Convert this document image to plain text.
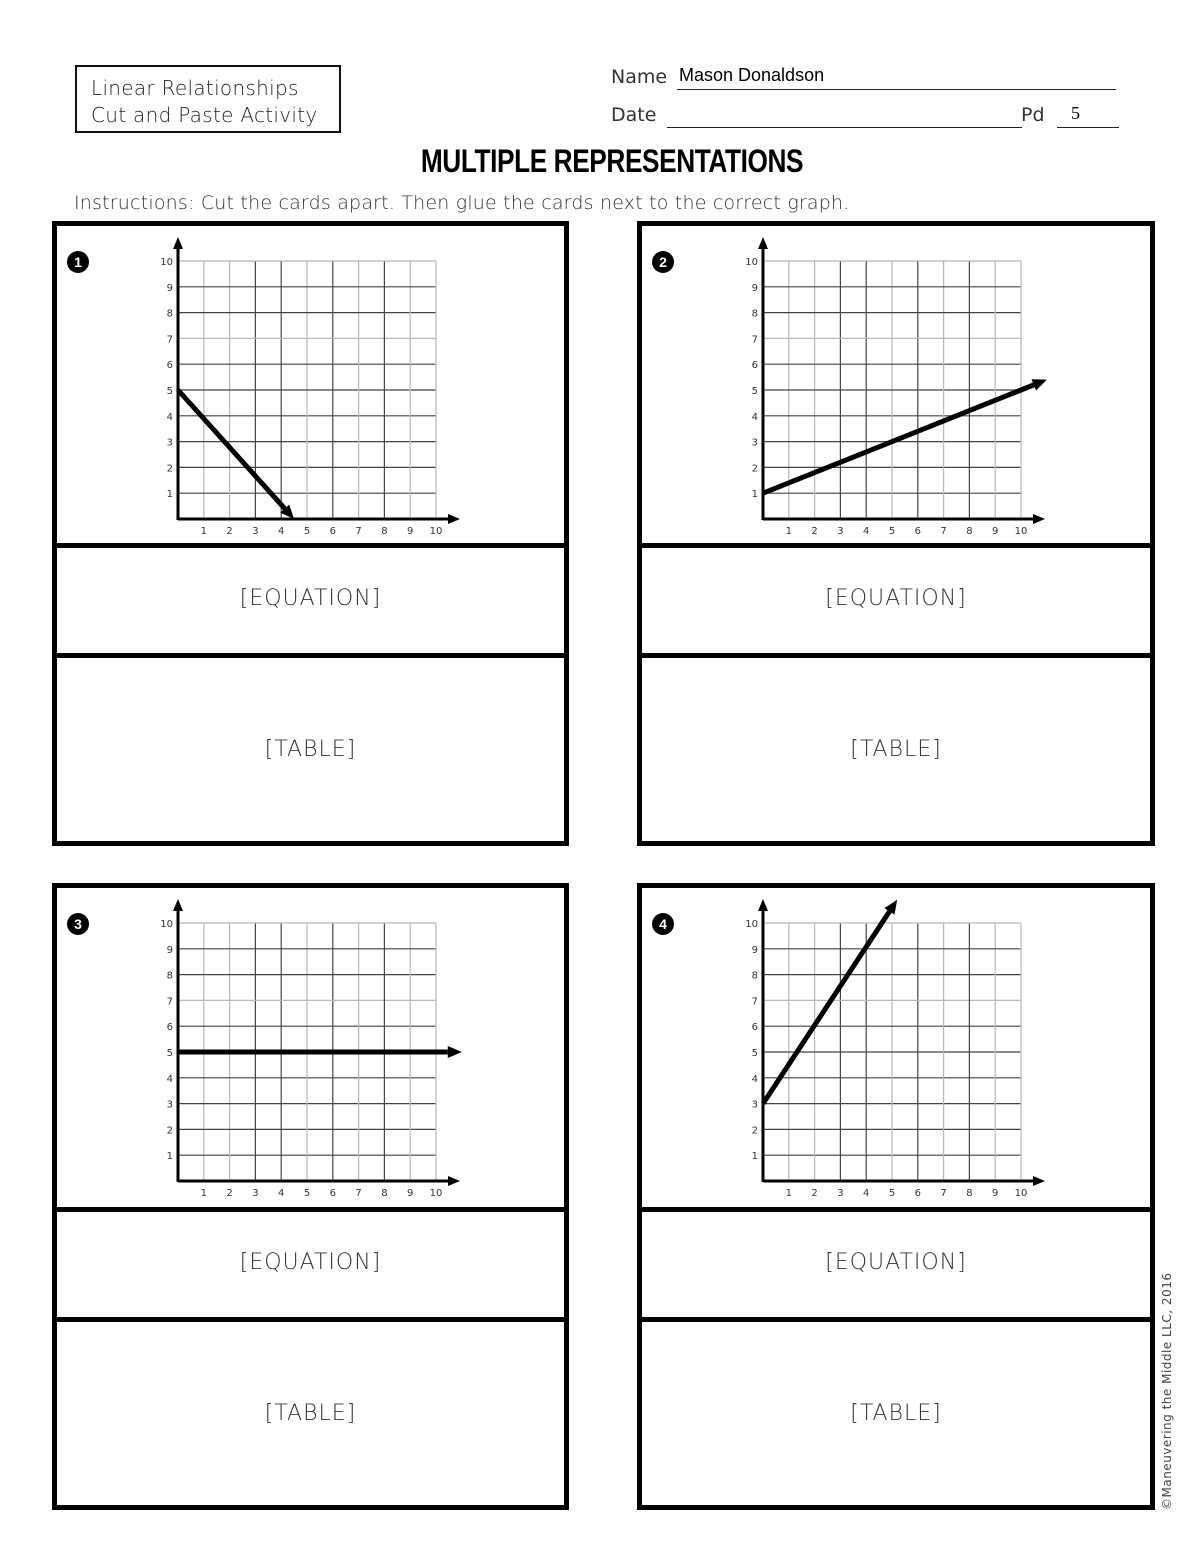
Linear Relationships
Cut and Paste Activity
Name Mason Donaldson
Date	Pd 5
MULTIPLE REPRESENTATIONS
Instructions: Cut the cards apart. Then glue the cards next to the correct graph.
1
1 2 3 4 5 6 7 8 9 10
1
2
3
4
5
6
7
8
9
10
[EQUATION]
[TABLE]
2
1 2 3 4 5 6 7 8 9 10
1
2
3
4
5
6
7
8
9
10
[EQUATION]
[TABLE]
3
1 2 3 4 5 6 7 8 9 10
1
2
3
4
5
6
7
8
9
10
[EQUATION]
[TABLE]
4
1 2 3 4 5 6 7 8 9 10
1
2
3
4
5
6
7
8
9
10
[EQUATION]
[TABLE]	©Maneuvering the Middle LLC, 2016
